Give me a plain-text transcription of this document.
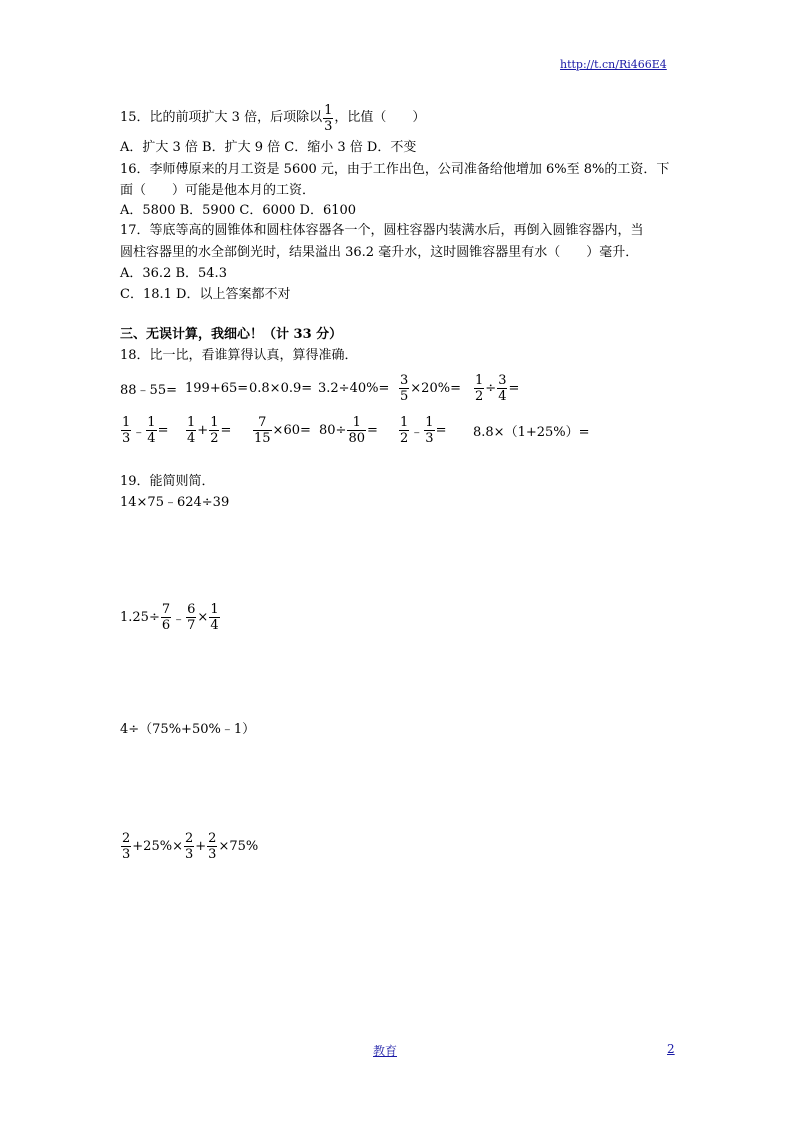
http://t.cn/Ri466E4
15．比的前项扩大 3 倍，后项除以 $\frac{1}{3}$ ，比值（　　）
A．扩大 3 倍 B．扩大 9 倍 C．缩小 3 倍 D．不变
16．李师傅原来的月工资是 5600 元，由于工作出色，公司准备给他增加 6%至 8%的工资．下
面（　　）可能是他本月的工资．
A．5800 B．5900 C．6000 D．6100
17．等底等高的圆锥体和圆柱体容器各一个，圆柱容器内装满水后，再倒入圆锥容器内，当
圆柱容器里的水全部倒光时，结果溢出 36.2 毫升水，这时圆锥容器里有水（　　）毫升．
A．36.2 B．54.3
C．18.1 D．以上答案都不对
三、无误计算，我细心！（计 33 分）
18．比一比，看谁算得认真，算得准确．
88﹣55= $199+65= 0.8\times 0.9= 3.2\div 40\%= \frac{3}{5} \times 20\%= \frac{1}{2} \div \frac{3}{4}$ =
$\frac{1}{3}$ ﹣ $\frac{1}{4} = \frac{1}{4} + \frac{1}{2} = \frac{7}{15} \times 60= 80\div \frac{1}{80} = \frac{1}{2}$ ﹣ $\frac{1}{3} = 8.8\times(1+25\%)=$
19．能简则简．
14×75﹣624÷39
$1.25\div \frac{7}{6}$ ﹣ $\frac{6}{7} \times \frac{1}{4}$
4÷（75%+50%﹣1）
$\frac{2}{3} +25\%\times \frac{2}{3} + \frac{2}{3} \times 75\%$
教育	2
